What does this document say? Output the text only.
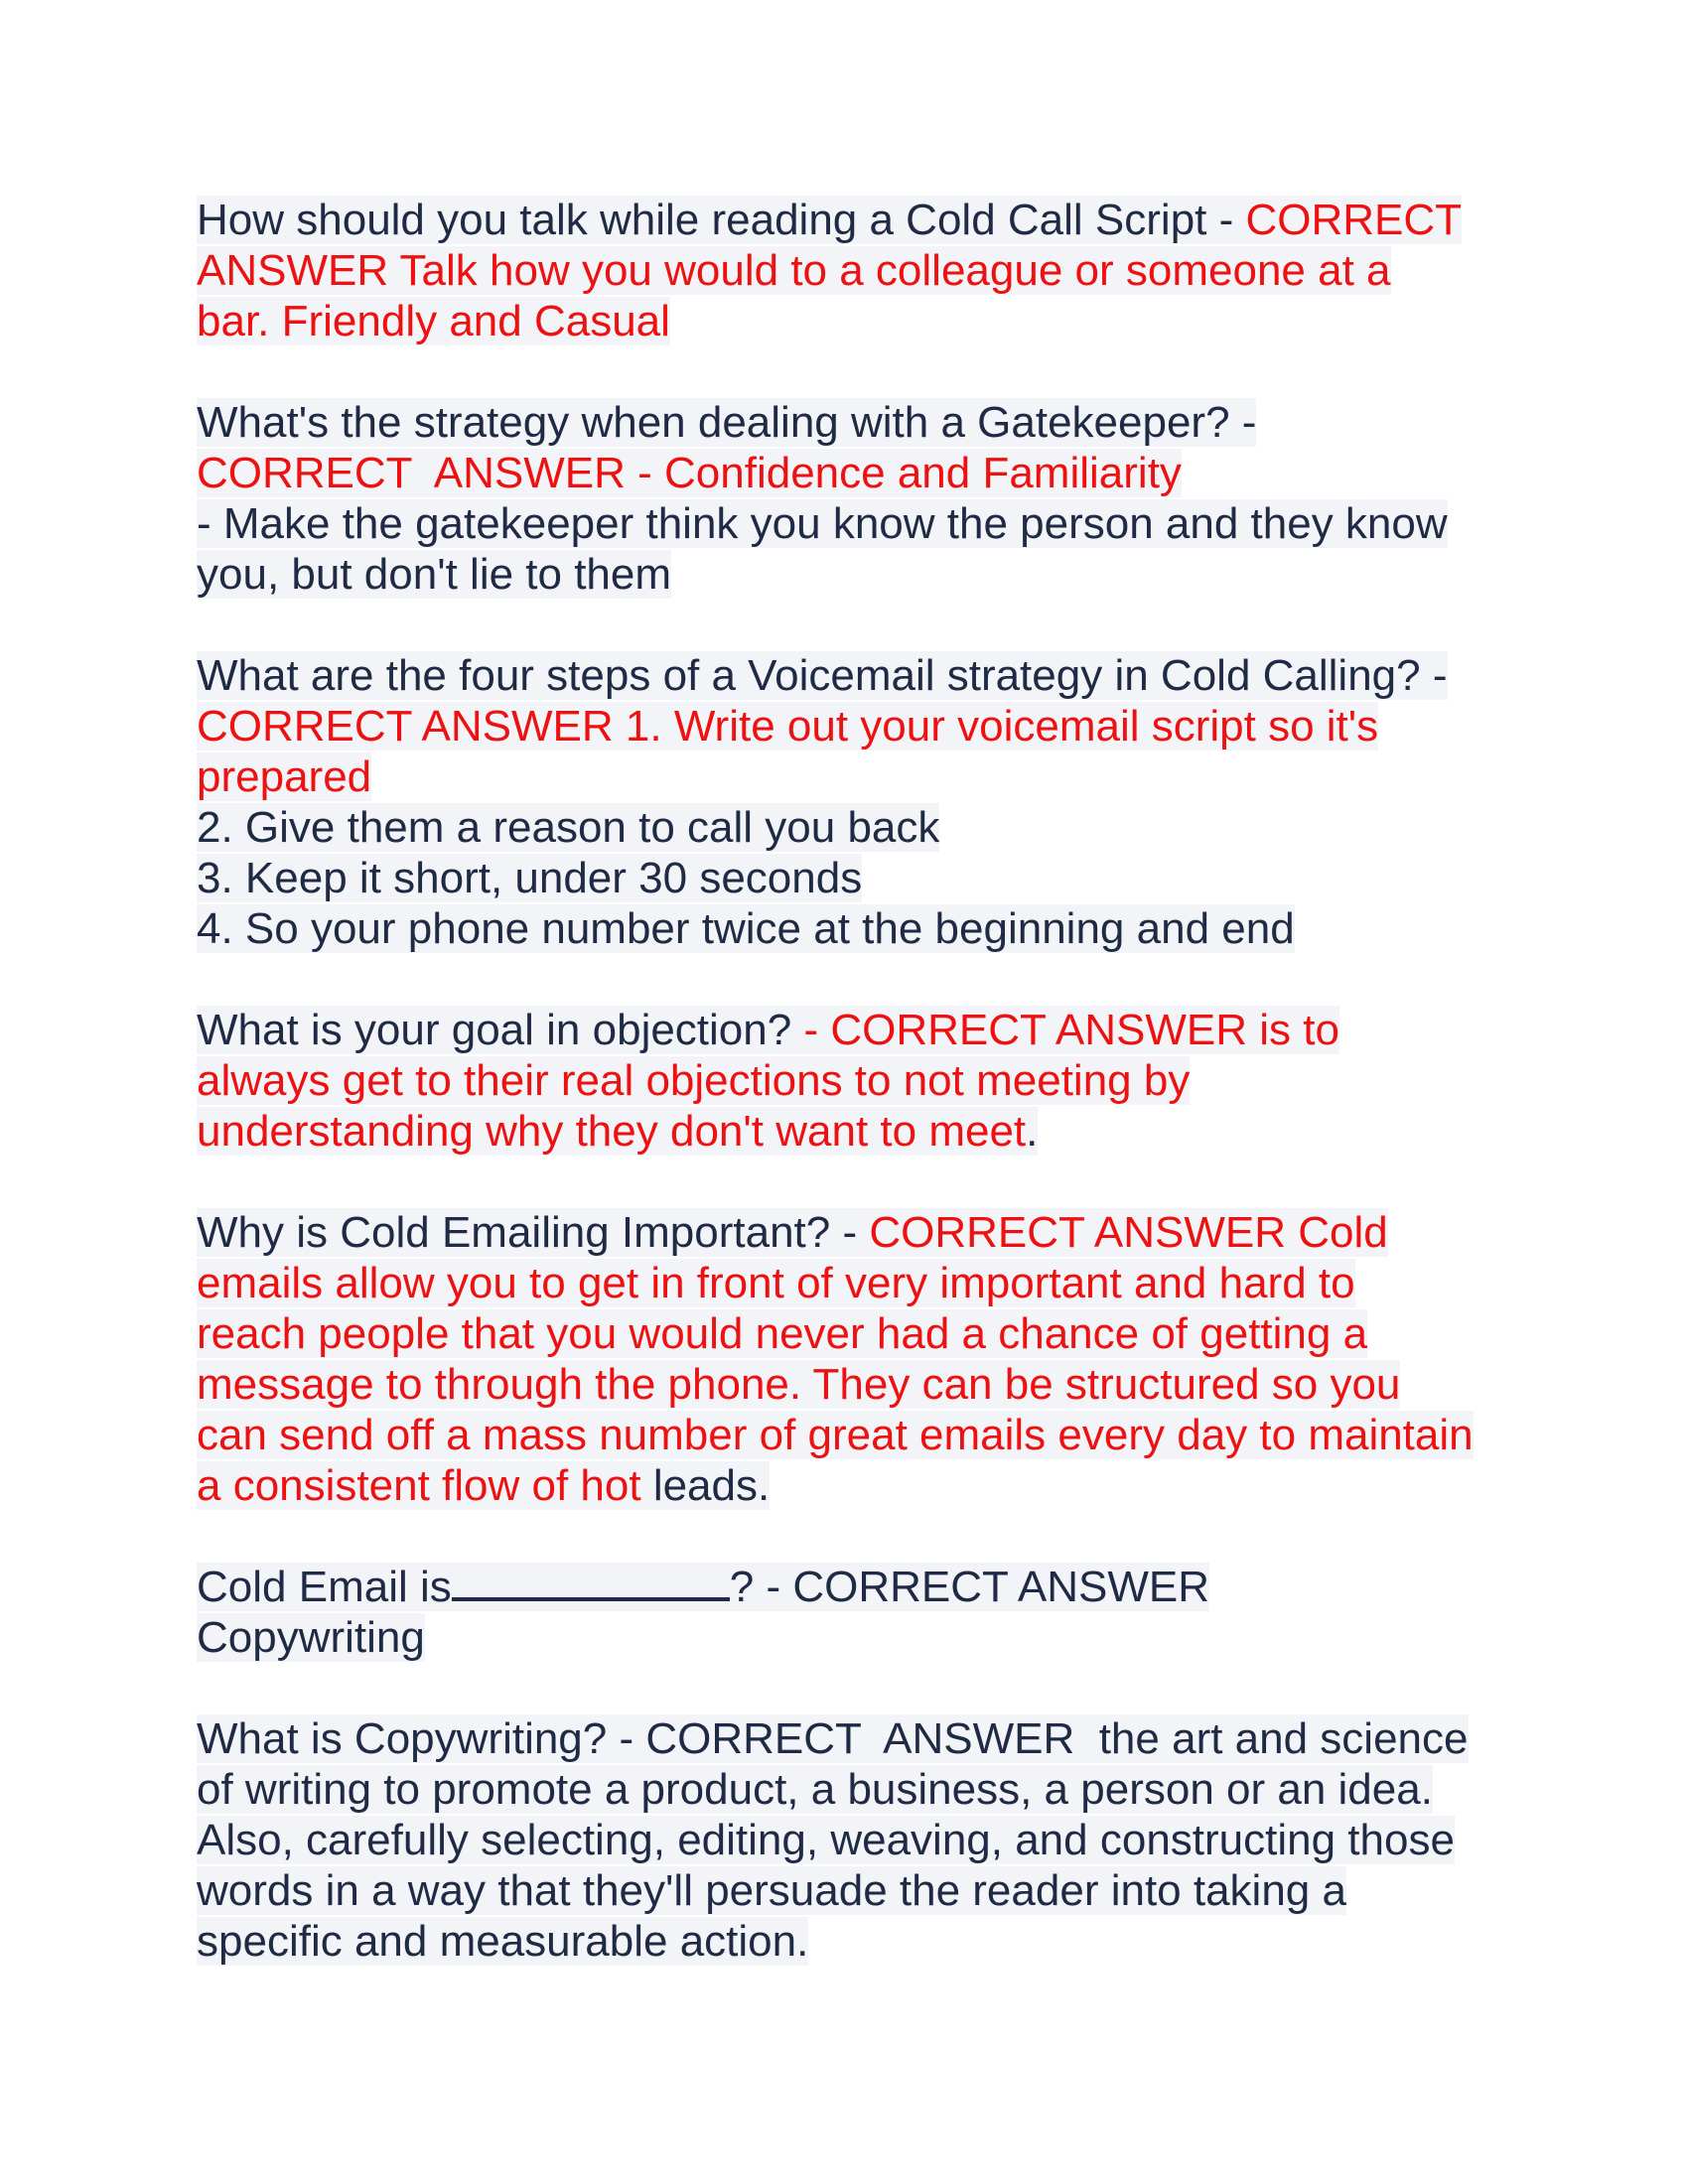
How should you talk while reading a Cold Call Script - CORRECT
ANSWER Talk how you would to a colleague or someone at a
bar. Friendly and Casual
What's the strategy when dealing with a Gatekeeper? -
CORRECT  ANSWER - Confidence and Familiarity
- Make the gatekeeper think you know the person and they know
you, but don't lie to them
What are the four steps of a Voicemail strategy in Cold Calling? -
CORRECT ANSWER 1. Write out your voicemail script so it's
prepared
2. Give them a reason to call you back
3. Keep it short, under 30 seconds
4. So your phone number twice at the beginning and end
What is your goal in objection? - CORRECT ANSWER is to
always get to their real objections to not meeting by
understanding why they don't want to meet.
Why is Cold Emailing Important? - CORRECT ANSWER Cold
emails allow you to get in front of very important and hard to
reach people that you would never had a chance of getting a
message to through the phone. They can be structured so you
can send off a mass number of great emails every day to maintain
a consistent flow of hot leads.
Cold Email is	? - CORRECT ANSWER
Copywriting
What is Copywriting? - CORRECT  ANSWER  the art and science
of writing to promote a product, a business, a person or an idea.
Also, carefully selecting, editing, weaving, and constructing those
words in a way that they'll persuade the reader into taking a
specific and measurable action.
